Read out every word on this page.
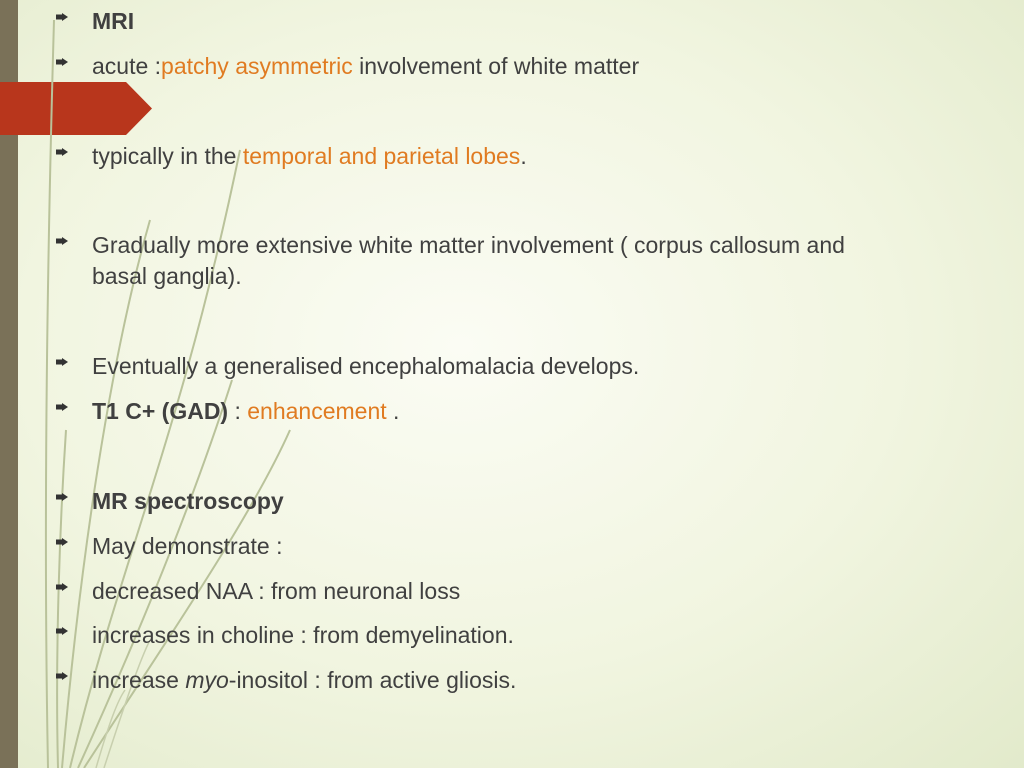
MRI
acute :patchy asymmetric involvement of white matter
typically in the temporal and parietal lobes.
Gradually more extensive white matter involvement ( corpus callosum and basal ganglia).
Eventually a generalised encephalomalacia develops.
T1 C+ (GAD) : enhancement .
MR spectroscopy
May demonstrate :
decreased NAA : from neuronal loss
increases in choline : from demyelination.
increase myo-inositol : from active gliosis.
